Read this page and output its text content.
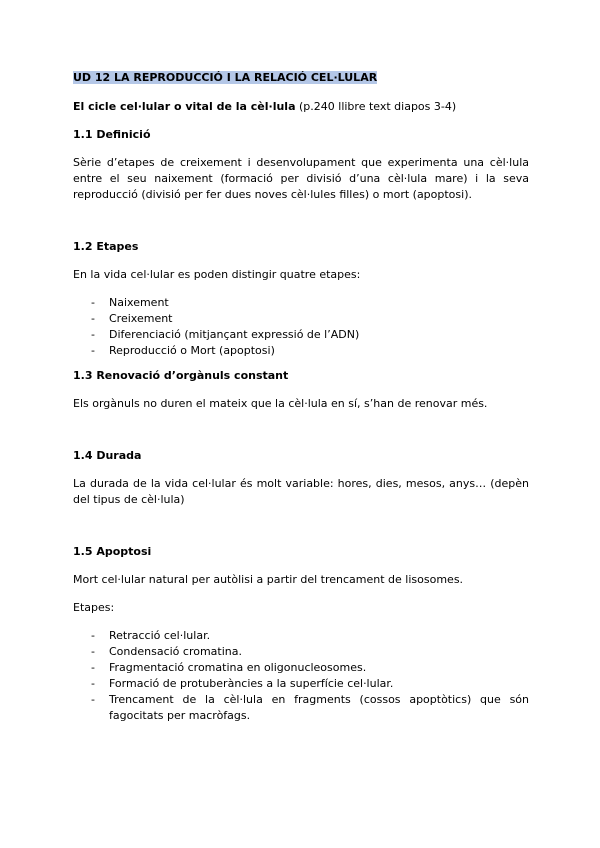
UD 12 LA REPRODUCCIÓ I LA RELACIÓ CEL·LULAR
El cicle cel·lular o vital de la cèl·lula (p.240 llibre text diapos 3-4)
1.1 Definició

Sèrie d’etapes de creixement i desenvolupament que experimenta una cèl·lula entre el seu naixement (formació per divisió d’una cèl·lula mare) i la seva reproducció (divisió per fer dues noves cèl·lules filles) o mort (apoptosi).

1.2 Etapes

En la vida cel·lular es poden distingir quatre etapes:

- Naixement
- Creixement
- Diferenciació (mitjançant expressió de l’ADN)
- Reproducció o Mort (apoptosi)
1.3 Renovació d’orgànuls constant

Els orgànuls no duren el mateix que la cèl·lula en sí, s’han de renovar més.

1.4 Durada

La durada de la vida cel·lular és molt variable: hores, dies, mesos, anys… (depèn del tipus de cèl·lula)

1.5 Apoptosi

Mort cel·lular natural per autòlisi a partir del trencament de lisosomes.

Etapes:

- Retracció cel·lular.
- Condensació cromatina.
- Fragmentació cromatina en oligonucleosomes.
- Formació de protuberàncies a la superfície cel·lular.
- Trencament de la cèl·lula en fragments (cossos apoptòtics) que són fagocitats per macròfags.
